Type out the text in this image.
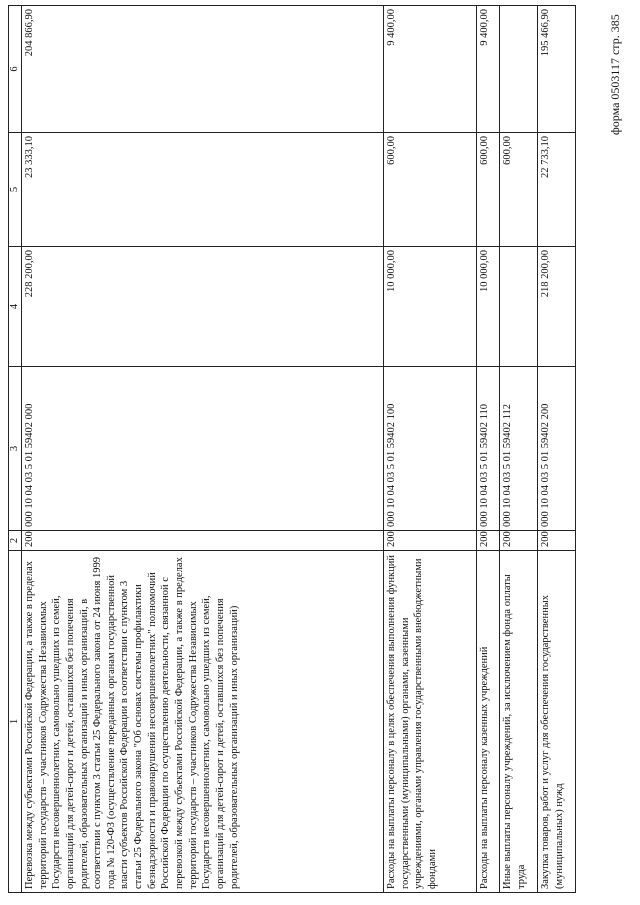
форма 0503117 стр. 385
1	2	3	4	5	6
Перевозка между субъектами Российской Федерации, а также в пределах территорий государств – участников Содружества Независимых Государств несовершеннолетних, самовольно ушедших из семей, организаций для детей-сирот и детей, оставшихся без попечения родителей, образовательных организаций и иных организаций, в соответствии с пунктом 3 статьи 25 Федерального закона от 24 июня 1999 года № 120-ФЗ (осуществление переданных органам государственной власти субъектов Российской Федерации в соответствии с пунктом 3 статьи 25 Федерального закона "Об основах системы профилактики безнадзорности и правонарушений несовершеннолетних" полномочий Российской Федерации по осуществлению деятельности, связанной с перевозкой между субъектами Российской Федерации, а также в пределах территорий государств – участников Содружества Независимых Государств несовершеннолетних, самовольно ушедших из семей, организаций для детей-сирот и детей, оставшихся без попечения родителей, образовательных организаций и иных организаций)	200	000 10 04 03 5 01 59402 000	228 200,00	23 333,10	204 866,90
Расходы на выплаты персоналу в целях обеспечения выполнения функций государственными (муниципальными) органами, казенными учреждениями, органами управления государственными внебюджетными фондами	200	000 10 04 03 5 01 59402 100	10 000,00	600,00	9 400,00
Расходы на выплаты персоналу казенных учреждений	200	000 10 04 03 5 01 59402 110	10 000,00	600,00	9 400,00
Иные выплаты персоналу учреждений, за исключением фонда оплаты труда	200	000 10 04 03 5 01 59402 112		600,00	
Закупка товаров, работ и услуг для обеспечения государственных (муниципальных) нужд	200	000 10 04 03 5 01 59402 200	218 200,00	22 733,10	195 466,90
